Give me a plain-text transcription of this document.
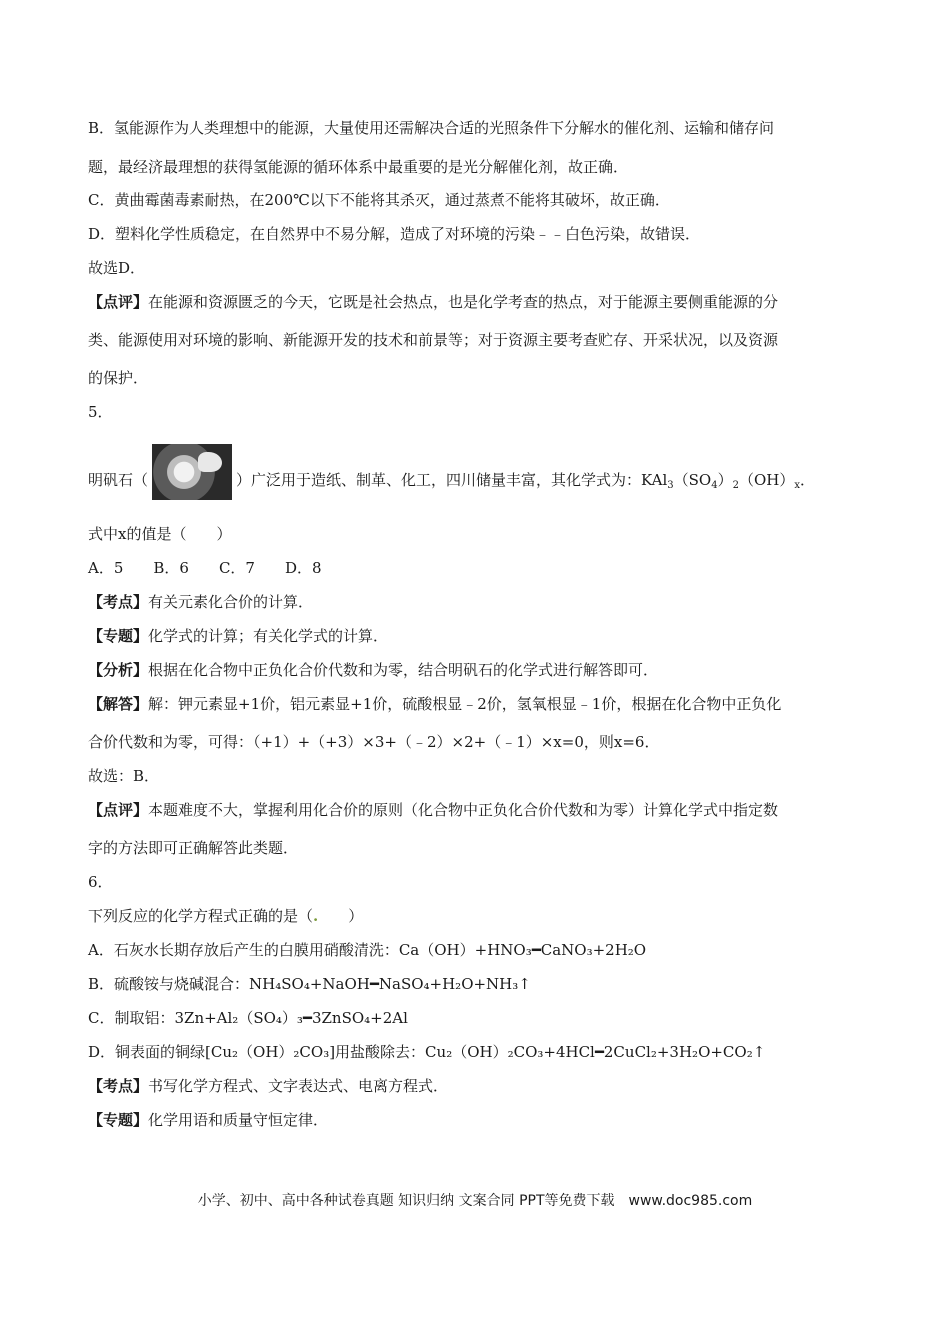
B．氢能源作为人类理想中的能源，大量使用还需解决合适的光照条件下分解水的催化剂、运输和储存问
题，最经济最理想的获得氢能源的循环体系中最重要的是光分解催化剂，故正确．
C．黄曲霉菌毒素耐热，在200℃以下不能将其杀灭，通过蒸煮不能将其破坏，故正确．
D．塑料化学性质稳定，在自然界中不易分解，造成了对环境的污染﹣﹣白色污染，故错误．
故选D．
【点评】在能源和资源匮乏的今天，它既是社会热点，也是化学考查的热点，对于能源主要侧重能源的分
类、能源使用对环境的影响、新能源开发的技术和前景等；对于资源主要考查贮存、开采状况，以及资源
的保护．
5．
明矾石（	）广泛用于造纸、制革、化工，四川储量丰富，其化学式为：$KAl_3(SO_4)_2(OH)_x$．
式中x的值是（　　）
A．5　　B．6　　C．7　　D．8
【考点】有关元素化合价的计算．
【专题】化学式的计算；有关化学式的计算．
【分析】根据在化合物中正负化合价代数和为零，结合明矾石的化学式进行解答即可．
【解答】解：钾元素显+1价，铝元素显+1价，硫酸根显﹣2价，氢氧根显﹣1价，根据在化合物中正负化
合价代数和为零，可得：（+1）+（+3）×3+（﹣2）×2+（﹣1）×x=0，则x=6．
故选：B．
【点评】本题难度不大，掌握利用化合价的原则（化合物中正负化合价代数和为零）计算化学式中指定数
字的方法即可正确解答此类题．
6．
下列反应的化学方程式正确的是（.　　）
A．石灰水长期存放后产生的白膜用硝酸清洗：Ca（OH）+HNO₃━CaNO₃+2H₂O
B．硫酸铵与烧碱混合：NH₄SO₄+NaOH━NaSO₄+H₂O+NH₃↑
C．制取铝：3Zn+Al₂（SO₄）₃━3ZnSO₄+2Al
D．铜表面的铜绿[Cu₂（OH）₂CO₃]用盐酸除去：Cu₂（OH）₂CO₃+4HCl━2CuCl₂+3H₂O+CO₂↑
【考点】书写化学方程式、文字表达式、电离方程式．
【专题】化学用语和质量守恒定律．
小学、初中、高中各种试卷真题 知识归纳 文案合同 PPT等免费下载　www.doc985.com
